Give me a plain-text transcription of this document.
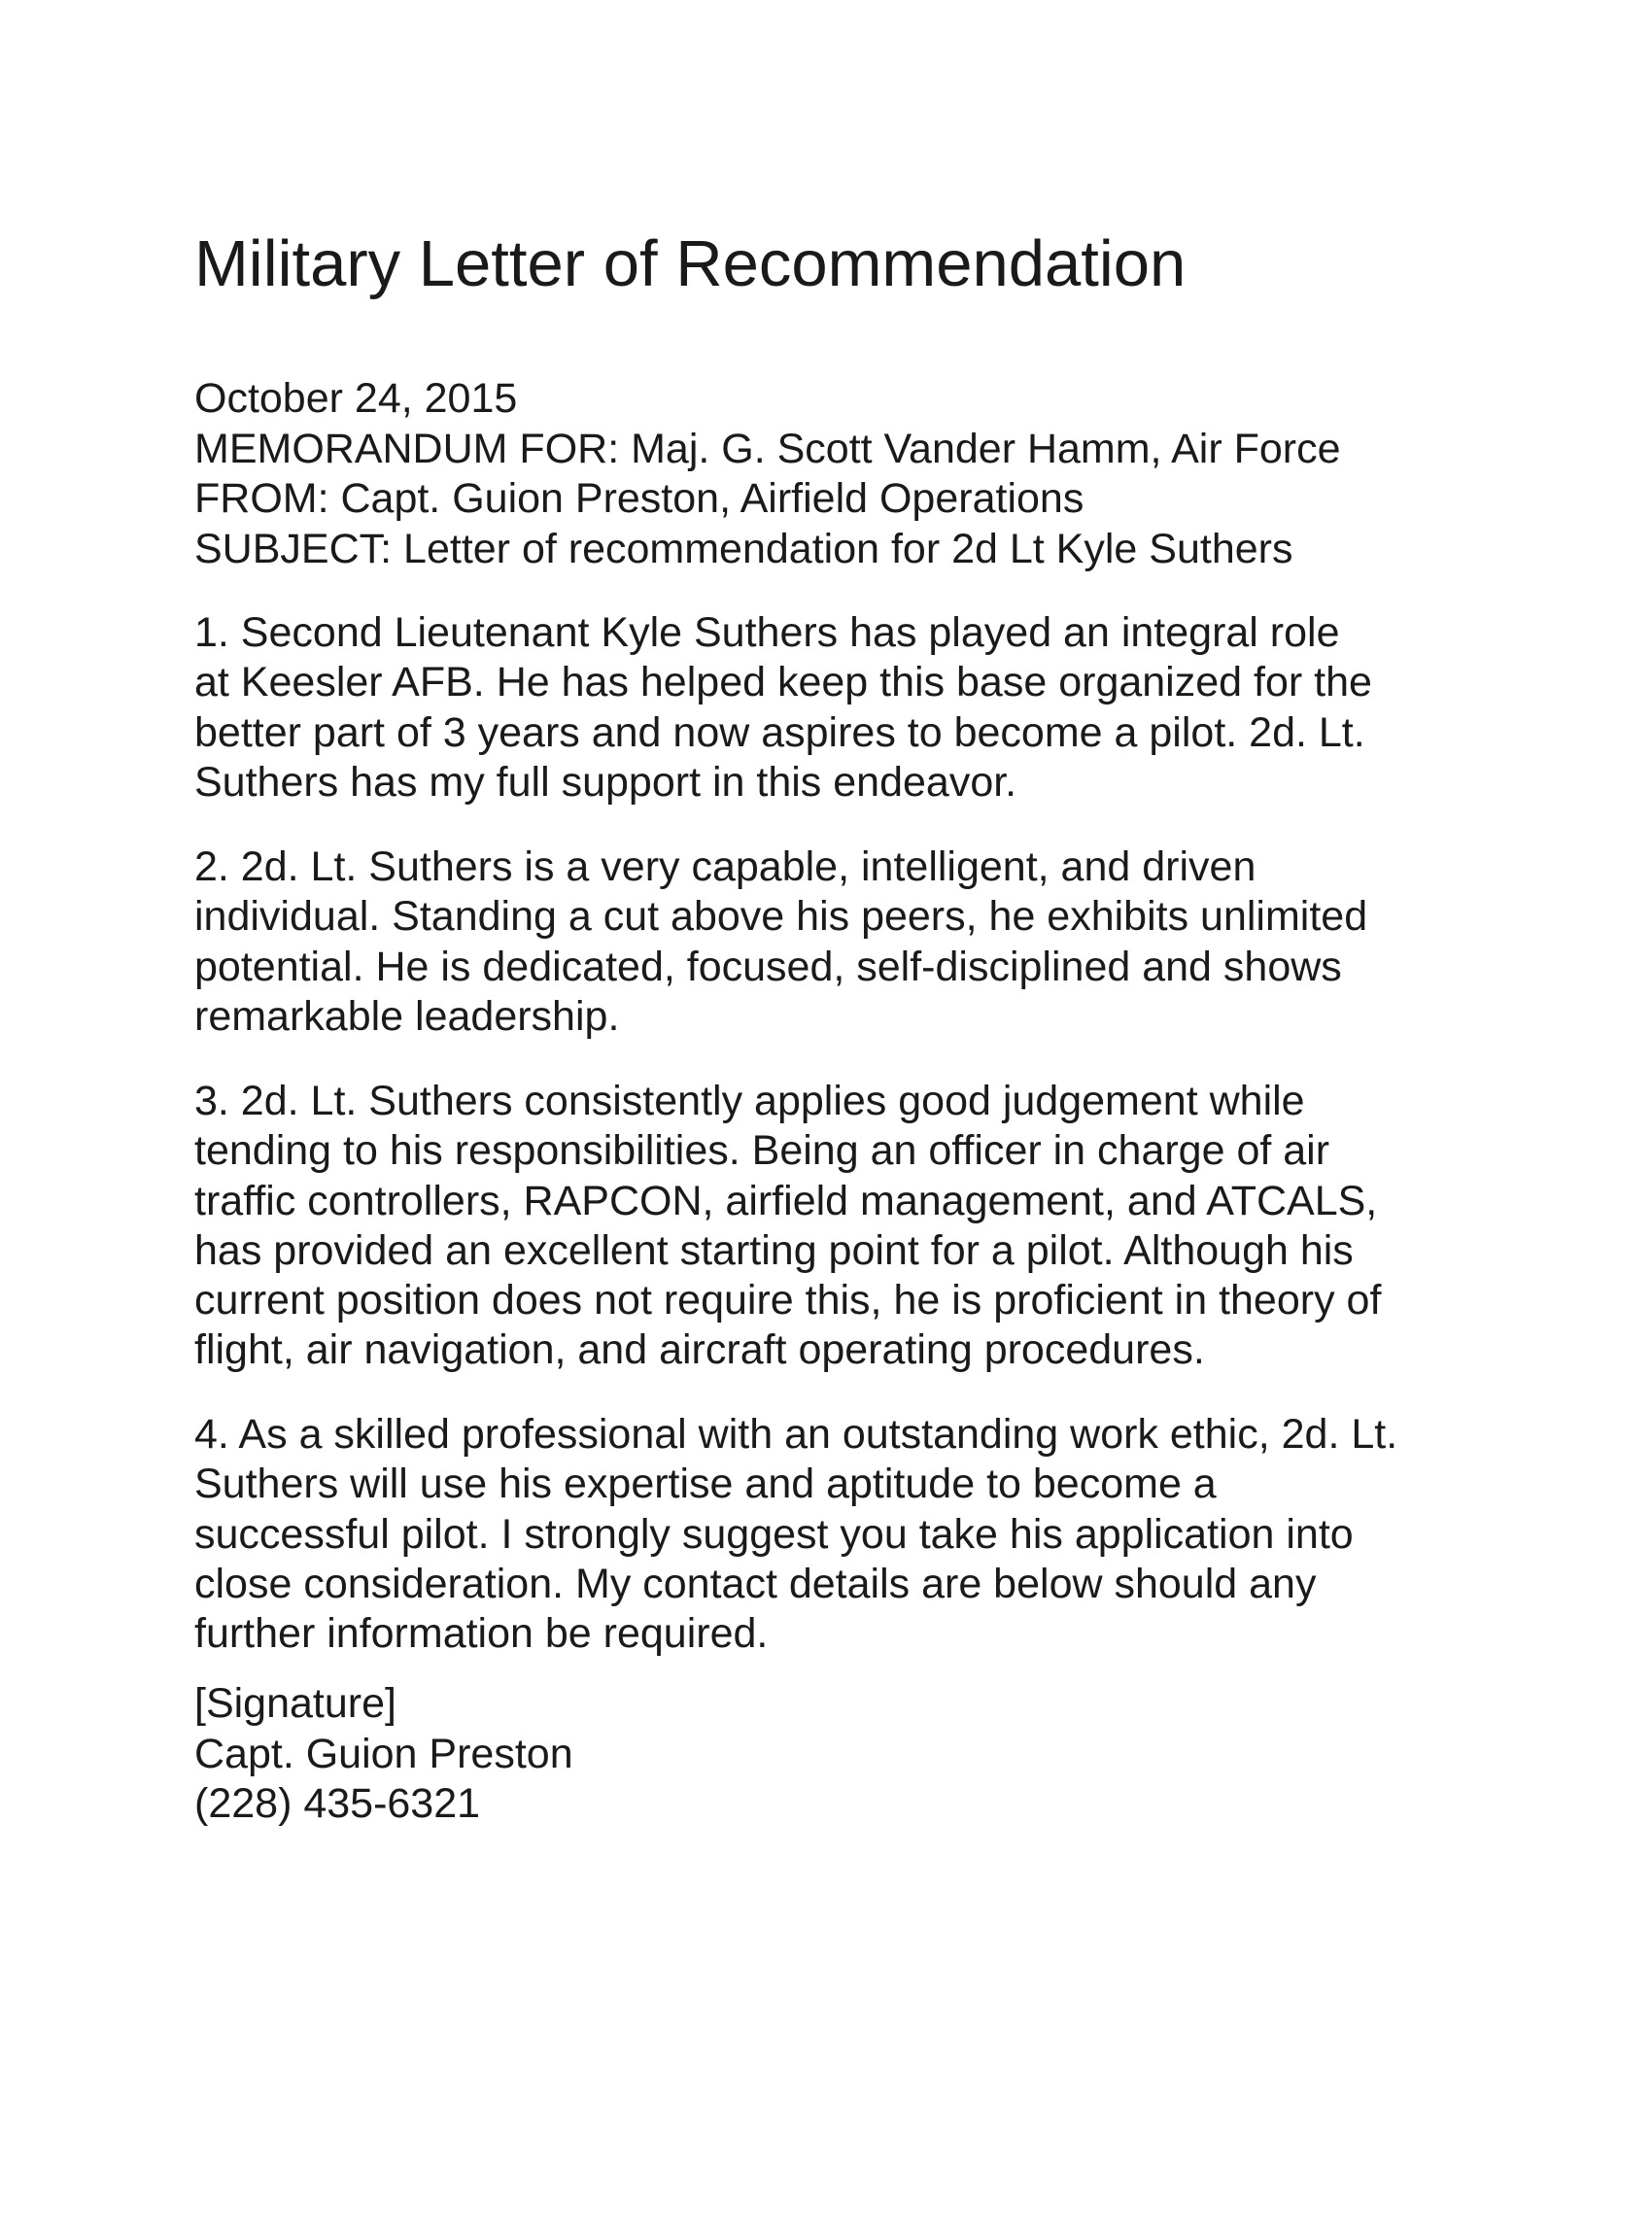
Military Letter of Recommendation
October 24, 2015
MEMORANDUM FOR: Maj. G. Scott Vander Hamm, Air Force
FROM: Capt. Guion Preston, Airfield Operations
SUBJECT: Letter of recommendation for 2d Lt Kyle Suthers

1. Second Lieutenant Kyle Suthers has played an integral role
at Keesler AFB. He has helped keep this base organized for the
better part of 3 years and now aspires to become a pilot. 2d. Lt.
Suthers has my full support in this endeavor.

2. 2d. Lt. Suthers is a very capable, intelligent, and driven
individual. Standing a cut above his peers, he exhibits unlimited
potential. He is dedicated, focused, self-disciplined and shows
remarkable leadership.

3. 2d. Lt. Suthers consistently applies good judgement while
tending to his responsibilities. Being an officer in charge of air
traffic controllers, RAPCON, airfield management, and ATCALS,
has provided an excellent starting point for a pilot. Although his
current position does not require this, he is proficient in theory of
flight, air navigation, and aircraft operating procedures.

4. As a skilled professional with an outstanding work ethic, 2d. Lt.
Suthers will use his expertise and aptitude to become a
successful pilot. I strongly suggest you take his application into
close consideration. My contact details are below should any
further information be required.

[Signature]
Capt. Guion Preston
(228) 435-6321
